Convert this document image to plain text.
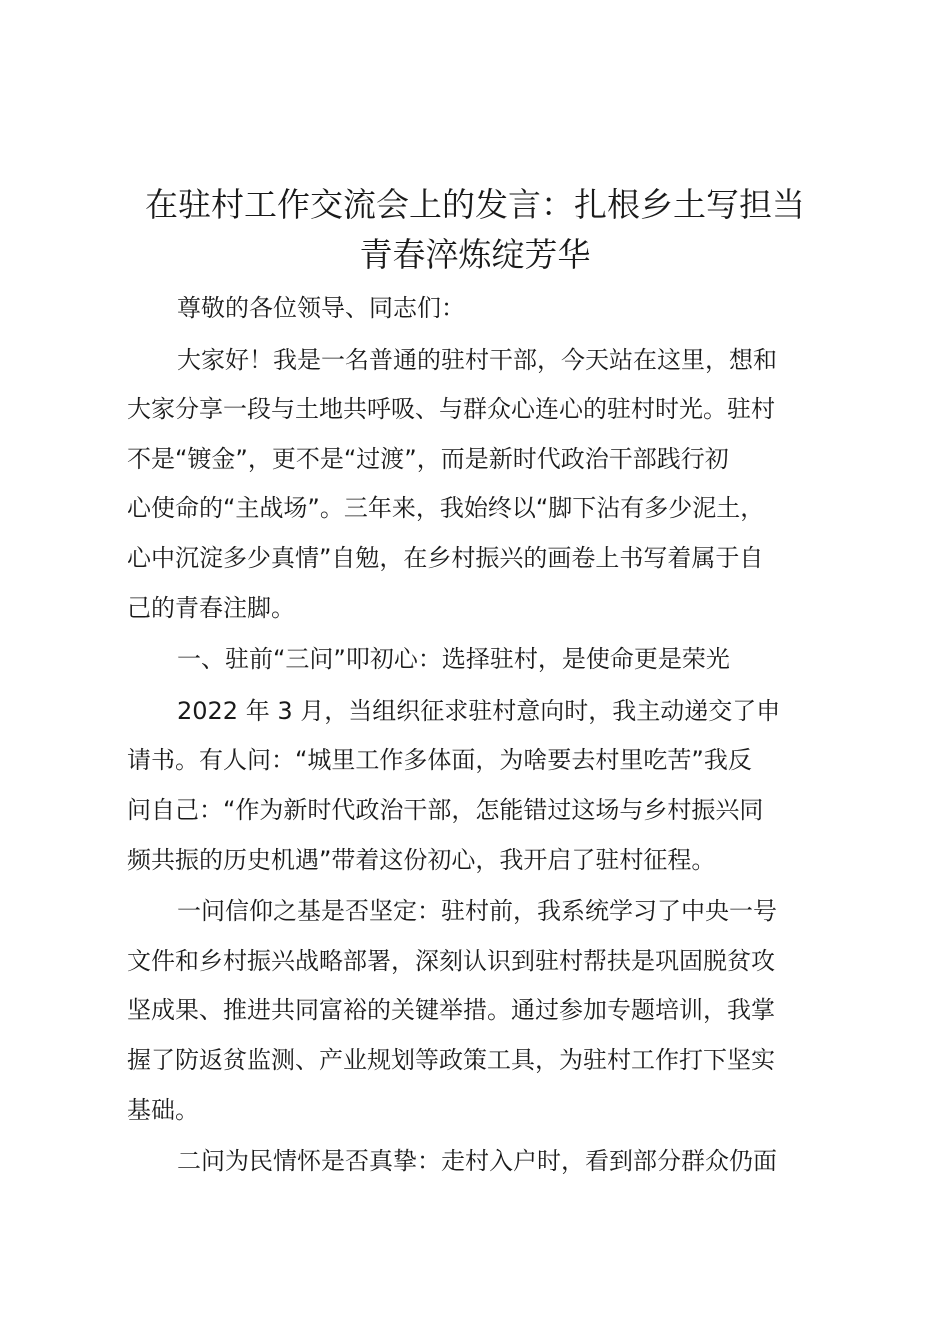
在驻村工作交流会上的发言：扎根乡土写担当
青春淬炼绽芳华

尊敬的各位领导、同志们：

大家好！我是一名普通的驻村干部，今天站在这里，想和
大家分享一段与土地共呼吸、与群众心连心的驻村时光。驻村
不是“镀金”，更不是“过渡”，而是新时代政治干部践行初
心使命的“主战场”。三年来，我始终以“脚下沾有多少泥土，
心中沉淀多少真情”自勉，在乡村振兴的画卷上书写着属于自
己的青春注脚。

一、驻前“三问”叩初心：选择驻村，是使命更是荣光

2022 年 3 月，当组织征求驻村意向时，我主动递交了申
请书。有人问：“城里工作多体面，为啥要去村里吃苦”我反
问自己：“作为新时代政治干部，怎能错过这场与乡村振兴同
频共振的历史机遇”带着这份初心，我开启了驻村征程。

一问信仰之基是否坚定：驻村前，我系统学习了中央一号
文件和乡村振兴战略部署，深刻认识到驻村帮扶是巩固脱贫攻
坚成果、推进共同富裕的关键举措。通过参加专题培训，我掌
握了防返贫监测、产业规划等政策工具，为驻村工作打下坚实
基础。

二问为民情怀是否真挚：走村入户时，看到部分群众仍面
